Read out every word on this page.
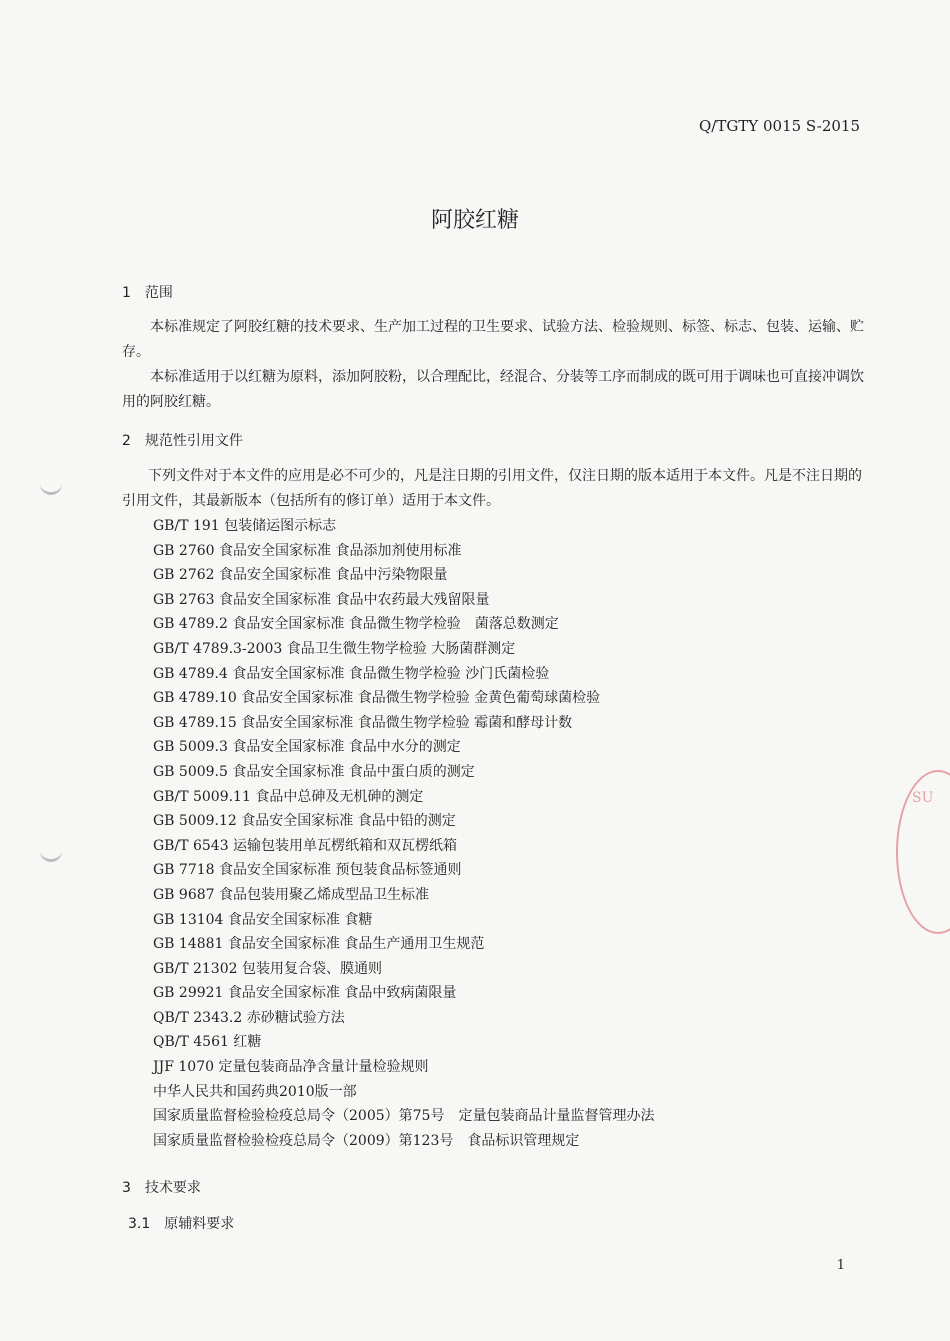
Q/TGTY 0015 S-2015
阿胶红糖
1　范围
本标准规定了阿胶红糖的技术要求、生产加工过程的卫生要求、试验方法、检验规则、标签、标志、包装、运输、贮存。
本标准适用于以红糖为原料，添加阿胶粉，以合理配比，经混合、分装等工序而制成的既可用于调味也可直接冲调饮用的阿胶红糖。
2　规范性引用文件
下列文件对于本文件的应用是必不可少的，凡是注日期的引用文件，仅注日期的版本适用于本文件。凡是不注日期的引用文件，其最新版本（包括所有的修订单）适用于本文件。
GB/T 191 包装储运图示标志
GB 2760 食品安全国家标准 食品添加剂使用标准
GB 2762 食品安全国家标准 食品中污染物限量
GB 2763 食品安全国家标准 食品中农药最大残留限量
GB 4789.2 食品安全国家标准 食品微生物学检验　菌落总数测定
GB/T 4789.3-2003 食品卫生微生物学检验 大肠菌群测定
GB 4789.4 食品安全国家标准 食品微生物学检验 沙门氏菌检验
GB 4789.10 食品安全国家标准 食品微生物学检验 金黄色葡萄球菌检验
GB 4789.15 食品安全国家标准 食品微生物学检验 霉菌和酵母计数
GB 5009.3 食品安全国家标准 食品中水分的测定
GB 5009.5 食品安全国家标准 食品中蛋白质的测定
GB/T 5009.11 食品中总砷及无机砷的测定
GB 5009.12 食品安全国家标准 食品中铅的测定
GB/T 6543 运输包装用单瓦楞纸箱和双瓦楞纸箱
GB 7718 食品安全国家标准 预包装食品标签通则
GB 9687 食品包装用聚乙烯成型品卫生标准
GB 13104 食品安全国家标准 食糖
GB 14881 食品安全国家标准 食品生产通用卫生规范
GB/T 21302 包装用复合袋、膜通则
GB 29921 食品安全国家标准 食品中致病菌限量
QB/T 2343.2 赤砂糖试验方法
QB/T 4561 红糖
JJF 1070 定量包装商品净含量计量检验规则
中华人民共和国药典2010版一部
国家质量监督检验检疫总局令（2005）第75号　定量包装商品计量监督管理办法
国家质量监督检验检疫总局令（2009）第123号　食品标识管理规定
3　技术要求
3.1　原辅料要求
1
SU
